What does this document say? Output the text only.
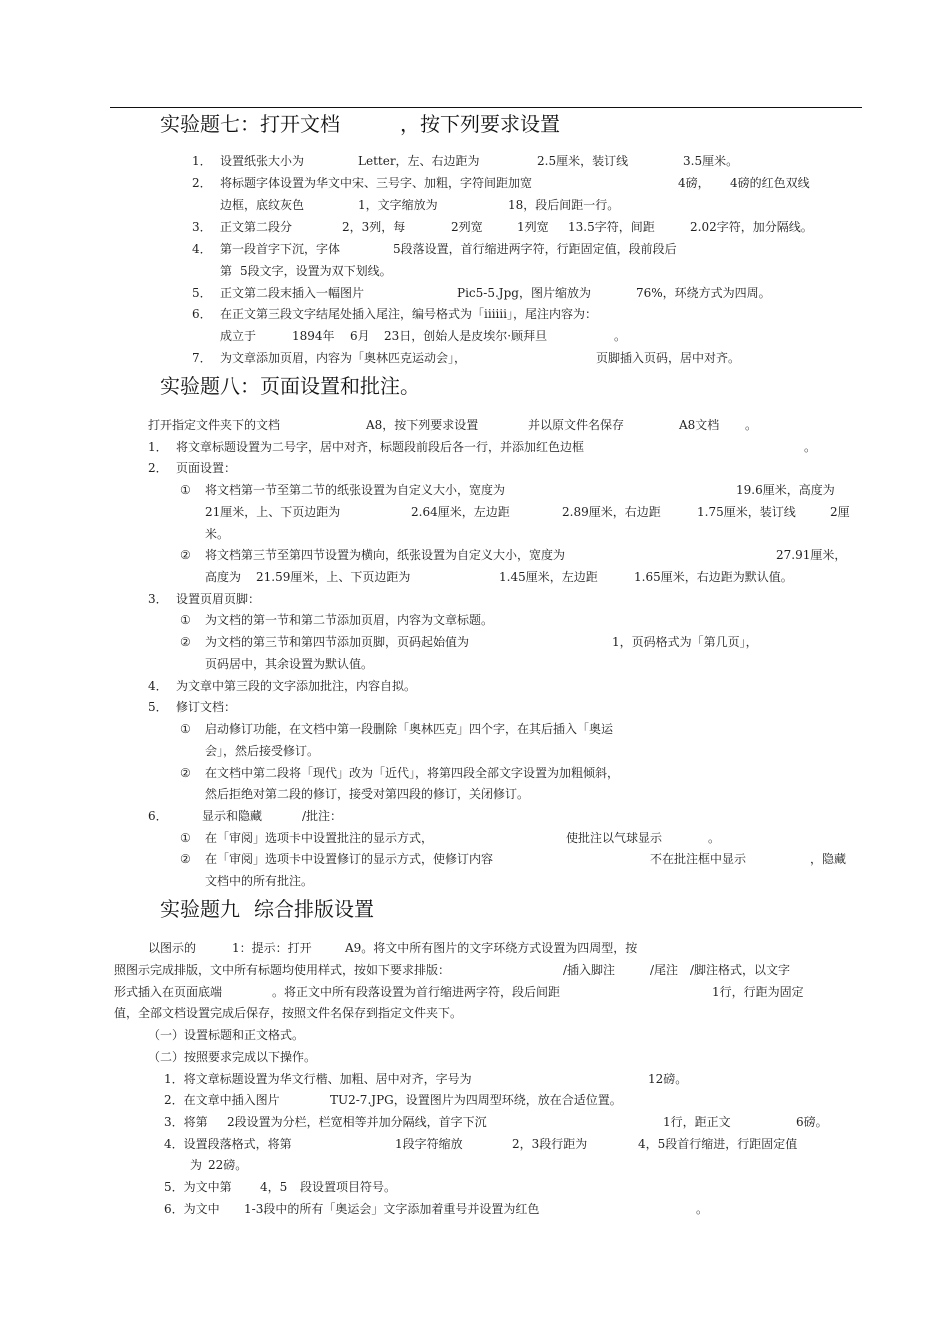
实验题七：打开文档	，按下列要求设置
1． 设置纸张大小为	Letter，左、右边距为	2.5厘米，装订线	3.5厘米。
2． 将标题字体设置为华文中宋、三号字、加粗，字符间距加宽	4磅， 4磅的红色双线
边框，底纹灰色	1，文字缩放为	18，段后间距一行。
3． 正文第二段分	2，3列，每	2列宽	1列宽 13.5字符，间距	2.02字符，加分隔线。
4． 第一段首字下沉，字体	5段落设置，首行缩进两字符，行距固定值，段前段后
第 5段文字，设置为双下划线。
5． 正文第二段末插入一幅图片	Pic5-5.Jpg，图片缩放为	76%，环绕方式为四周。
6． 在正文第三段文字结尾处插入尾注，编号格式为「ⅰⅱⅲ」，尾注内容为：
成立于	1894年 6月 23日，创始人是皮埃尔·顾拜旦	。
7． 为文章添加页眉，内容为「奥林匹克运动会」，	页脚插入页码，居中对齐。
实验题八：页面设置和批注。
打开指定文件夹下的文档	A8，按下列要求设置	并以原文件名保存	A8文档 。
1． 将文章标题设置为二号字，居中对齐，标题段前段后各一行，并添加红色边框	。
2． 页面设置：
① 将文档第一节至第二节的纸张设置为自定义大小，宽度为	19.6厘米，高度为
21厘米，上、下页边距为	2.64厘米，左边距	2.89厘米，右边距	1.75厘米，装订线	2厘
米。
② 将文档第三节至第四节设置为横向，纸张设置为自定义大小，宽度为	27.91厘米，
高度为 21.59厘米，上、下页边距为	1.45厘米，左边距	1.65厘米，右边距为默认值。
3． 设置页眉页脚：
① 为文档的第一节和第二节添加页眉，内容为文章标题。
② 为文档的第三节和第四节添加页脚，页码起始值为	1，页码格式为「第几页」，
页码居中，其余设置为默认值。
4． 为文章中第三段的文字添加批注，内容自拟。
5． 修订文档：
① 启动修订功能，在文档中第一段删除「奥林匹克」四个字，在其后插入「奥运
会」，然后接受修订。
② 在文档中第二段将「现代」改为「近代」，将第四段全部文字设置为加粗倾斜，
然后拒绝对第二段的修订，接受对第四段的修订，关闭修订。
6．	显示和隐藏	/批注：
① 在「审阅」选项卡中设置批注的显示方式，	使批注以气球显示	。
② 在「审阅」选项卡中设置修订的显示方式，使修订内容	不在批注框中显示	，隐藏
文档中的所有批注。
实验题九 综合排版设置
以图示的	1：提示：打开	A9。将文中所有图片的文字环绕方式设置为四周型，按
照图示完成排版，文中所有标题均使用样式，按如下要求排版：	/插入脚注	/尾注 /脚注格式，以文字
形式插入在页面底端	。将正文中所有段落设置为首行缩进两字符，段后间距	1行，行距为固定
值，全部文档设置完成后保存，按照文件名保存到指定文件夹下。
（一）设置标题和正文格式。
（二）按照要求完成以下操作。
1．将文章标题设置为华文行楷、加粗、居中对齐，字号为	12磅。
2．在文章中插入图片	TU2-7.JPG，设置图片为四周型环绕，放在合适位置。
3．将第 2段设置为分栏，栏宽相等并加分隔线，首字下沉	1行，距正文	6磅。
4．设置段落格式，将第	1段字符缩放	2，3段行距为	4，5段首行缩进，行距固定值
为 22磅。
5．为文中第 4，5 段设置项目符号。
6．为文中 1-3段中的所有「奥运会」文字添加着重号并设置为红色	。
